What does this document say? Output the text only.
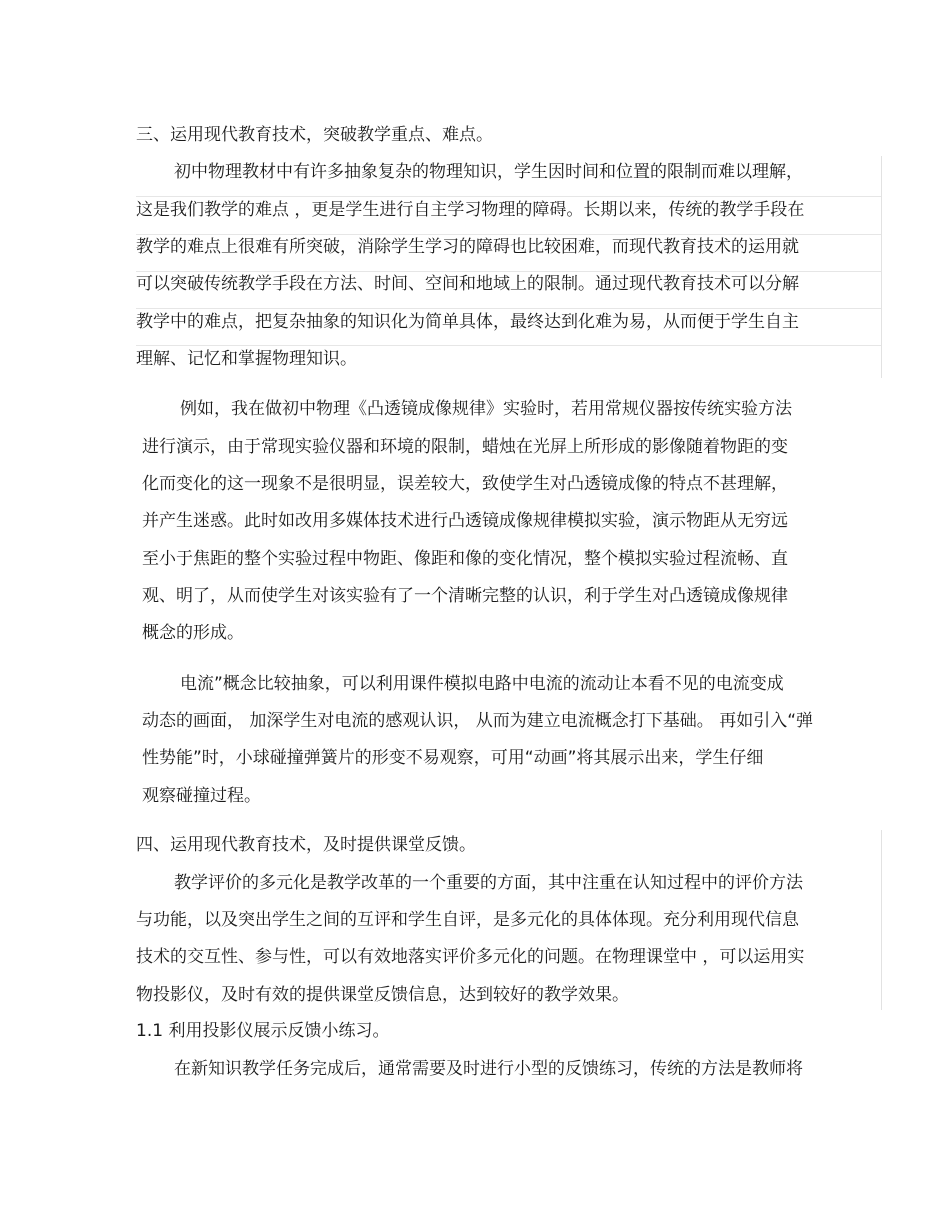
三、运用现代教育技术，突破教学重点、难点。

初中物理教材中有许多抽象复杂的物理知识，学生因时间和位置的限制而难以理解，

这是我们教学的难点 ，更是学生进行自主学习物理的障碍。长期以来，传统的教学手段在

教学的难点上很难有所突破，消除学生学习的障碍也比较困难，而现代教育技术的运用就

可以突破传统教学手段在方法、时间、空间和地域上的限制。通过现代教育技术可以分解

教学中的难点，把复杂抽象的知识化为简单具体，最终达到化难为易，从而便于学生自主

理解、记忆和掌握物理知识。

例如，我在做初中物理《凸透镜成像规律》实验时，若用常规仪器按传统实验方法

进行演示，由于常现实验仪器和环境的限制，蜡烛在光屏上所形成的影像随着物距的变

化而变化的这一现象不是很明显，误差较大，致使学生对凸透镜成像的特点不甚理解，

并产生迷惑。此时如改用多媒体技术进行凸透镜成像规律模拟实验，演示物距从无穷远

至小于焦距的整个实验过程中物距、像距和像的变化情况，整个模拟实验过程流畅、直

观、明了，从而使学生对该实验有了一个清晰完整的认识，利于学生对凸透镜成像规律

概念的形成。

电流”概念比较抽象，可以利用课件模拟电路中电流的流动让本看不见的电流变成

动态的画面， 加深学生对电流的感观认识， 从而为建立电流概念打下基础。 再如引入“弹

性势能”时，小球碰撞弹簧片的形变不易观察，可用“动画”将其展示出来，学生仔细

观察碰撞过程。

四、运用现代教育技术，及时提供课堂反馈。

教学评价的多元化是教学改革的一个重要的方面，其中注重在认知过程中的评价方法

与功能，以及突出学生之间的互评和学生自评，是多元化的具体体现。充分利用现代信息

技术的交互性、参与性，可以有效地落实评价多元化的问题。在物理课堂中 ，可以运用实

物投影仪，及时有效的提供课堂反馈信息，达到较好的教学效果。

1.1 利用投影仪展示反馈小练习。

在新知识教学任务完成后，通常需要及时进行小型的反馈练习，传统的方法是教师将
